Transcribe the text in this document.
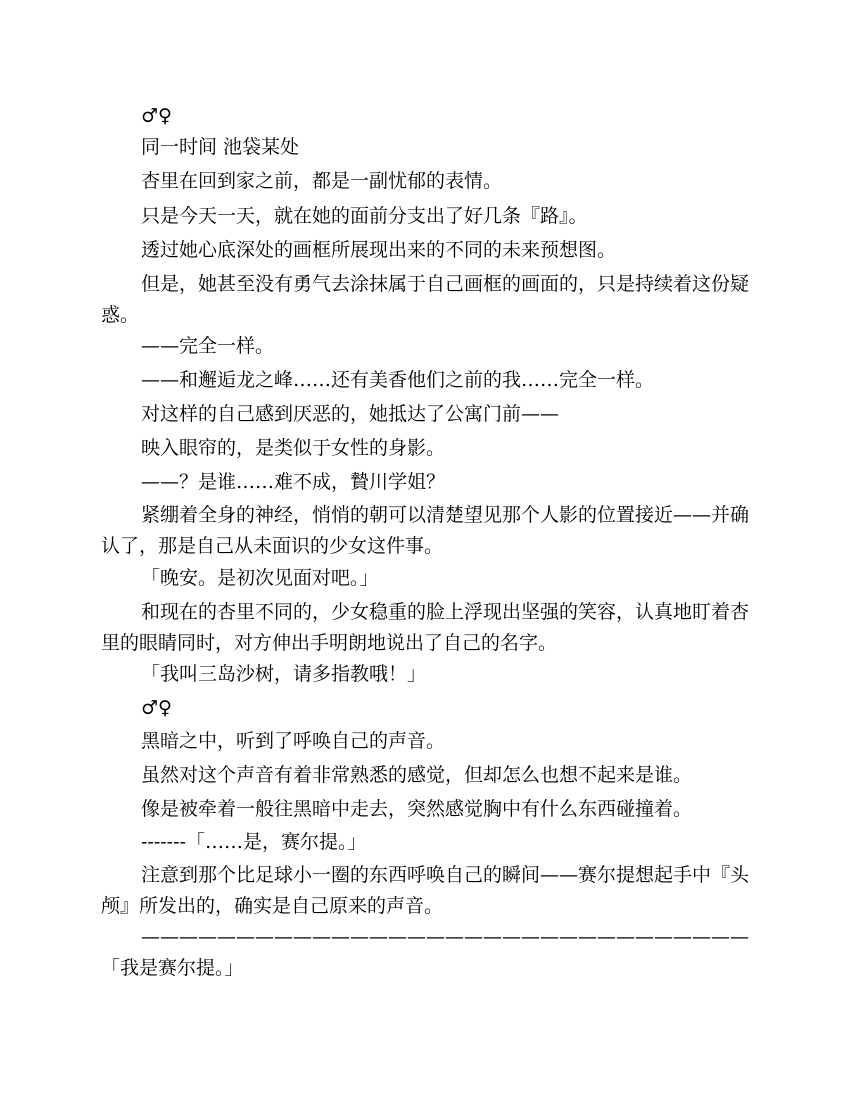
♂♀

同一时间 池袋某处

杏里在回到家之前，都是一副忧郁的表情。

只是今天一天，就在她的面前分支出了好几条『路』。

透过她心底深处的画框所展现出来的不同的未来预想图。

但是，她甚至没有勇气去涂抹属于自己画框的画面的，只是持续着这份疑惑。

——完全一样。

——和邂逅龙之峰……还有美香他们之前的我……完全一样。

对这样的自己感到厌恶的，她抵达了公寓门前——

映入眼帘的，是类似于女性的身影。

——？是谁……难不成，贄川学姐？

紧绷着全身的神经，悄悄的朝可以清楚望见那个人影的位置接近——并确认了，那是自己从未面识的少女这件事。

「晚安。是初次见面对吧。」

和现在的杏里不同的，少女稳重的脸上浮现出坚强的笑容，认真地盯着杏里的眼睛同时，对方伸出手明朗地说出了自己的名字。

「我叫三岛沙树，请多指教哦！」

♂♀

黑暗之中，听到了呼唤自己的声音。

虽然对这个声音有着非常熟悉的感觉，但却怎么也想不起来是谁。

像是被牵着一般往黑暗中走去，突然感觉胸中有什么东西碰撞着。

-------「……是，赛尔提。」

注意到那个比足球小一圈的东西呼唤自己的瞬间——赛尔提想起手中『头颅』所发出的，确实是自己原来的声音。

————————————————————————————————「我是赛尔提。」
